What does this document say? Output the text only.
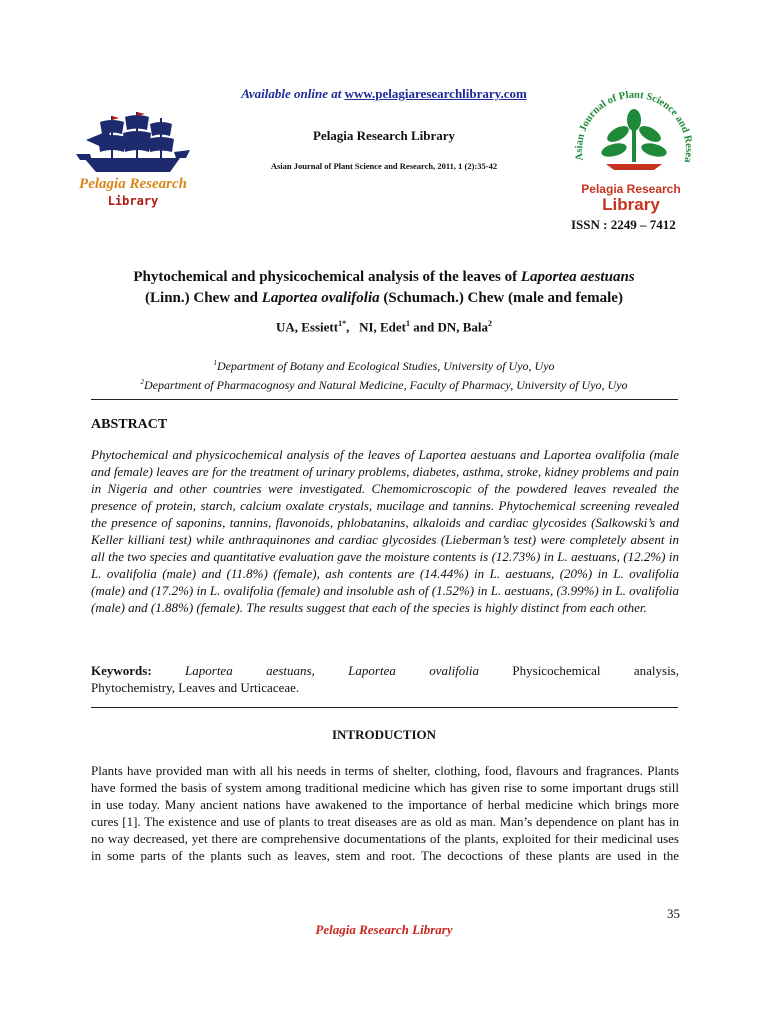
Available online at www.pelagiaresearchlibrary.com
Pelagia Research
Library
Pelagia Research Library
Asian Journal of Plant Science and Research, 2011, 1 (2):35-42
Asian Journal of Plant Science and Resea
Pelagia Research
Library
ISSN : 2249 – 7412
Phytochemical and physicochemical analysis of the leaves of Laportea aestuans
(Linn.) Chew and Laportea ovalifolia (Schumach.) Chew (male and female)
UA, Essiett$^{1*}$,   NI, Edet$^1$ and DN, Bala$^2$
$^1$Department of Botany and Ecological Studies, University of Uyo, Uyo
$^2$Department of Pharmacognosy and Natural Medicine, Faculty of Pharmacy, University of Uyo, Uyo
ABSTRACT
Phytochemical and physicochemical analysis of the leaves of Laportea aestuans and Laportea ovalifolia (male and female) leaves are for the treatment of urinary problems, diabetes, asthma, stroke, kidney problems and pain in Nigeria and other countries were investigated. Chemomicroscopic of the powdered leaves revealed the presence of protein, starch, calcium oxalate crystals, mucilage and tannins. Phytochemical screening revealed the presence of saponins, tannins, flavonoids, phlobatanins, alkaloids and cardiac glycosides (Salkowski’s and Keller killiani test) while anthraquinones and cardiac glycosides (Lieberman’s test) were completely absent in all the two species and quantitative evaluation gave the moisture contents is (12.73%) in L. aestuans, (12.2%) in L. ovalifolia (male) and (11.8%) (female), ash contents are (14.44%) in L. aestuans, (20%) in L. ovalifolia (male) and (17.2%) in L. ovalifolia (female) and insoluble ash of (1.52%) in L. aestuans, (3.99%) in L. ovalifolia (male) and (1.88%) (female). The results suggest that each of the species is highly distinct from each other.
Keywords:	Laportea	aestuans,	Laportea	ovalifolia	Physicochemical	analysis,
Phytochemistry, Leaves and Urticaceae.
INTRODUCTION
Plants have provided man with all his needs in terms of shelter, clothing, food, flavours and fragrances. Plants have formed the basis of system among traditional medicine which has given rise to some important drugs still in use today. Many ancient nations have awakened to the importance of herbal medicine which brings more cures [1]. The existence and use of plants to treat diseases are as old as man. Man’s dependence on plant has in no way decreased, yet there are comprehensive documentations of the plants, exploited for their medicinal uses in some parts of the plants such as leaves, stem and root. The decoctions of these plants are used in the
35
Pelagia Research Library
